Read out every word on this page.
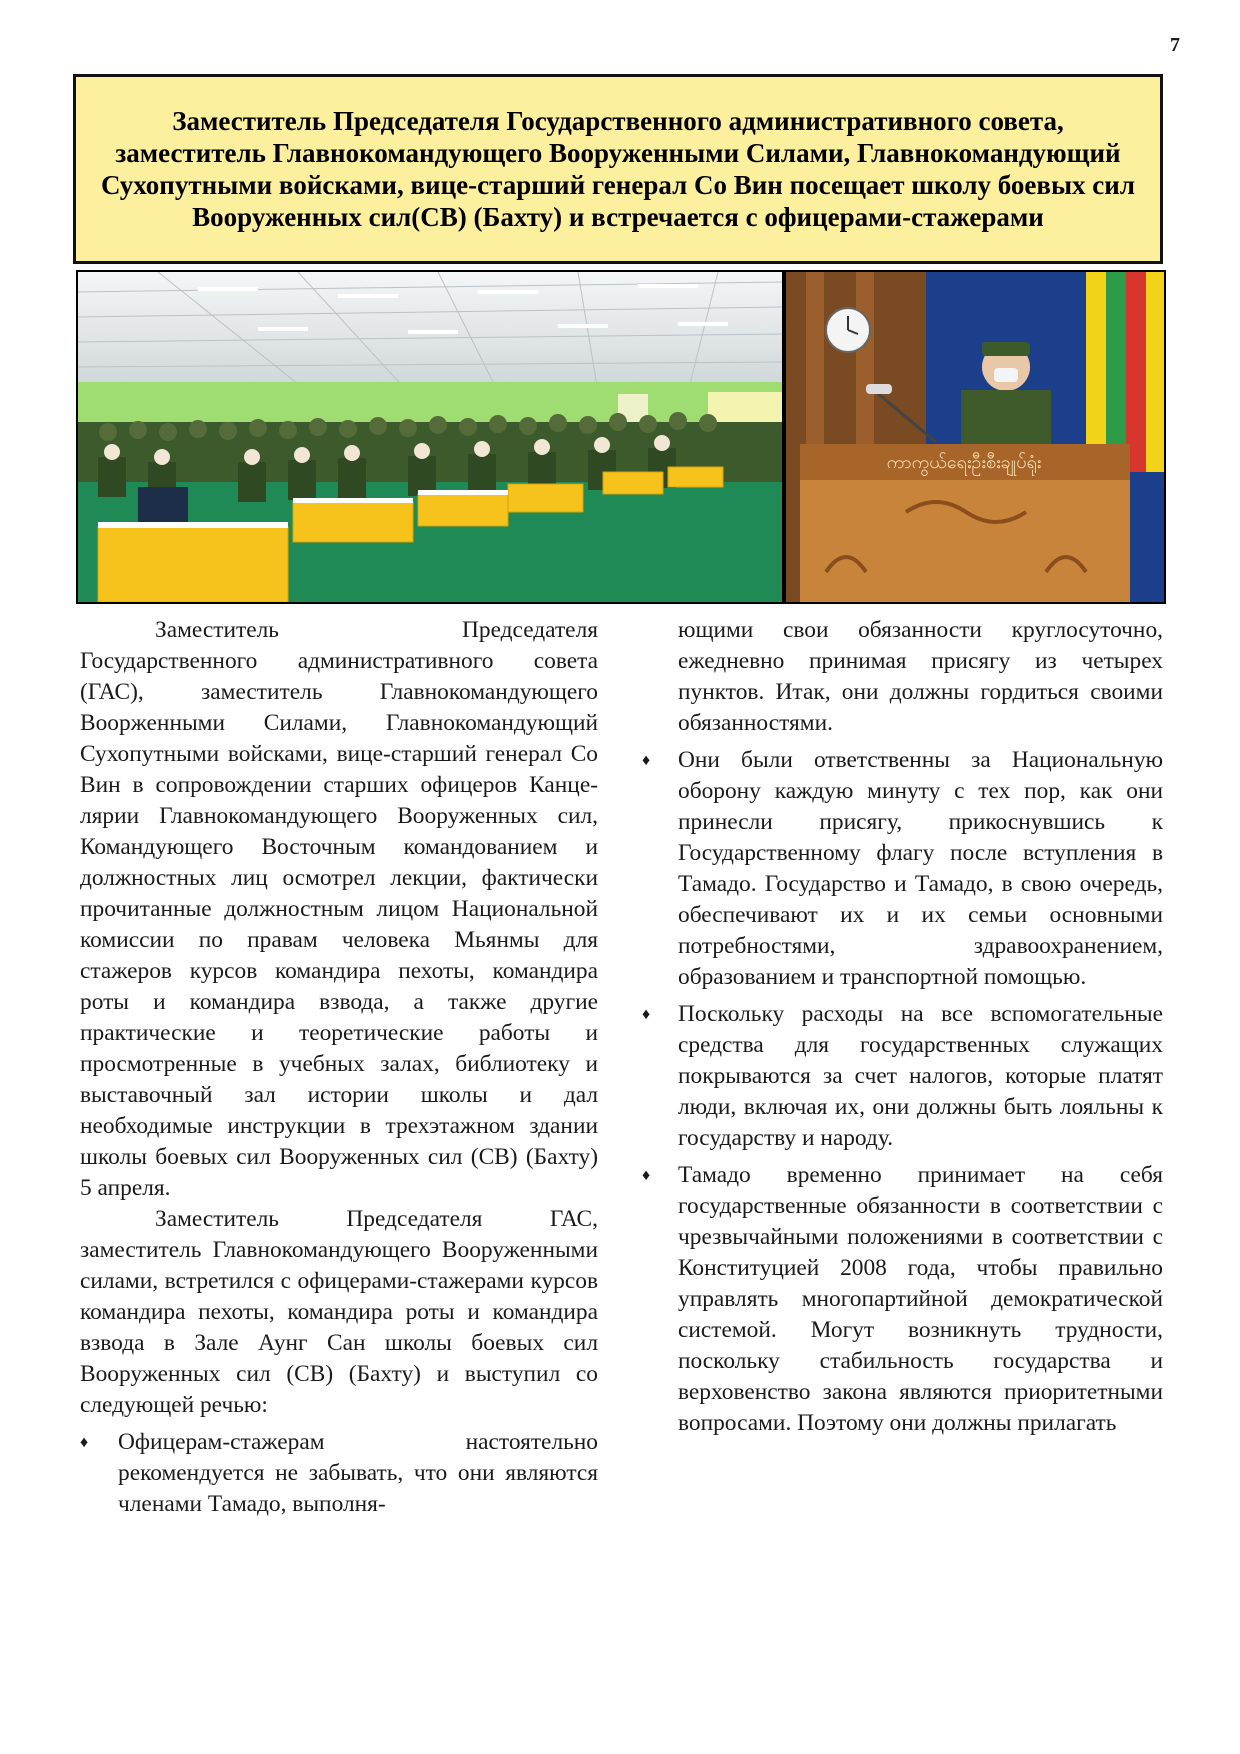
7
Заместитель Председателя Государственного административного совета, заместитель Главнокомандующего Вооруженными Силами, Главнокомандующий Сухопутными войсками, вице-старший генерал Со Вин посещает школу боевых сил Вооруженных сил(СВ) (Бахту) и встречается с офицерами-стажерами
ကာကွယ်ရေးဦးစီးချုပ်ရုံး

Заместитель Председателя Государственного административного совета (ГАС), заместитель Главнокомандующего Воорженными Силами, Главнокомандующий Сухопутными войсками, вице-старший генерал Со Вин в сопровождении старших офицеров Канце-лярии Главнокомандующего Вооруженных сил, Командующего Восточным командованием и должностных лиц осмотрел лекции, фактически прочитанные должностным лицом Национальной комиссии по правам человека Мьянмы для стажеров курсов командира пехоты, командира роты и командира взвода, а также другие практические и теоретические работы и просмотренные в учебных залах, библиотеку и выставочный зал истории школы и дал необходимые инструкции в трехэтажном здании школы боевых сил Вооруженных сил (СВ) (Бахту) 5 апреля.

Заместитель Председателя ГАС, заместитель Главнокомандующего Вооруженными силами, встретился с офицерами-стажерами курсов командира пехоты, командира роты и командира взвода в Зале Аунг Сан школы боевых сил Вооруженных сил (СВ) (Бахту) и выступил со следующей речью:

♦ Офицерам-стажерам настоятельно рекомендуется не забывать, что они являются членами Тамадо, выполня-

ющими свои обязанности круглосуточно, ежедневно принимая присягу из четырех пунктов. Итак, они должны гордиться своими обязанностями.

♦ Они были ответственны за Национальную оборону каждую минуту с тех пор, как они принесли присягу, прикоснувшись к Государственному флагу после вступления в Тамадо. Государство и Тамадо, в свою очередь, обеспечивают их и их семьи основными потребностями, здравоохранением, образованием и транспортной помощью.

♦ Поскольку расходы на все вспомогательные средства для государственных служащих покрываются за счет налогов, которые платят люди, включая их, они должны быть лояльны к государству и народу.

♦ Тамадо временно принимает на себя государственные обязанности в соответствии с чрезвычайными положениями в соответствии с Конституцией 2008 года, чтобы правильно управлять многопартийной демократической системой. Могут возникнуть трудности, поскольку стабильность государства и верховенство закона являются приоритетными вопросами. Поэтому они должны прилагать
